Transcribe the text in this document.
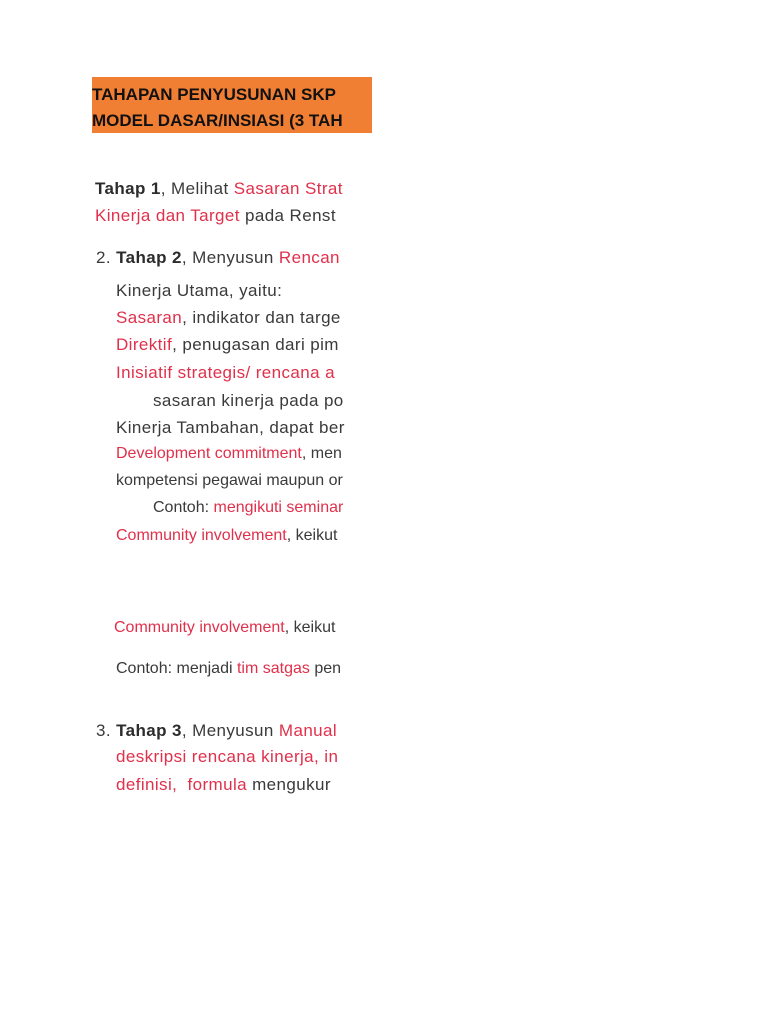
TAHAPAN PENYUSUNAN SKP
MODEL DASAR/INSIASI (3 TAH
Tahap 1, Melihat Sasaran Strat
Kinerja dan Target pada Renst
2. Tahap 2, Menyusun Rencan
Kinerja Utama, yaitu:
Sasaran, indikator dan targe
Direktif, penugasan dari pim
Inisiatif strategis/ rencana a
sasaran kinerja pada po
Kinerja Tambahan, dapat ber
Development commitment, men
kompetensi pegawai maupun or
Contoh: mengikuti seminar
Community involvement, keikut
Community involvement, keikut
Contoh: menjadi tim satgas pen
3. Tahap 3, Menyusun Manual
deskripsi rencana kinerja, in
definisi, formula mengukur
